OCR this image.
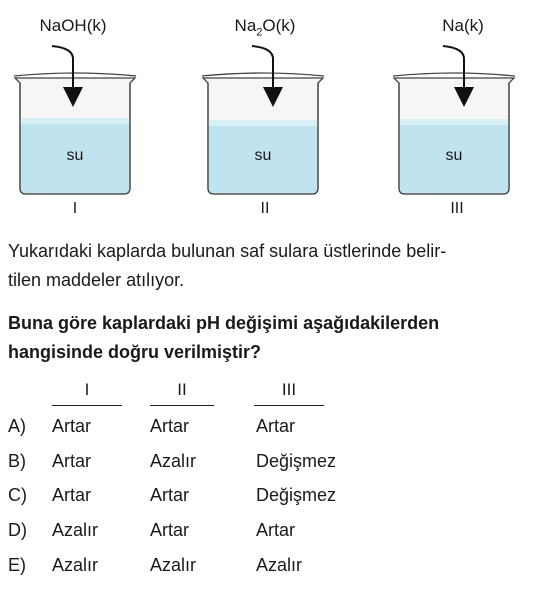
NaOH(k)	$Na_2O(k)$	Na(k)
su	su	su
I	II	III
Yukarıdaki kaplarda bulunan saf sulara üstlerinde belir-
tilen maddeler atılıyor.
Buna göre kaplardaki pH değişimi aşağıdakilerden
hangisinde doğru verilmiştir?
I	II	III
A) Artar	Artar	Artar
B) Artar	Azalır	Değişmez
C) Artar	Artar	Değişmez
D) Azalır	Artar	Artar
E) Azalır	Azalır	Azalır
